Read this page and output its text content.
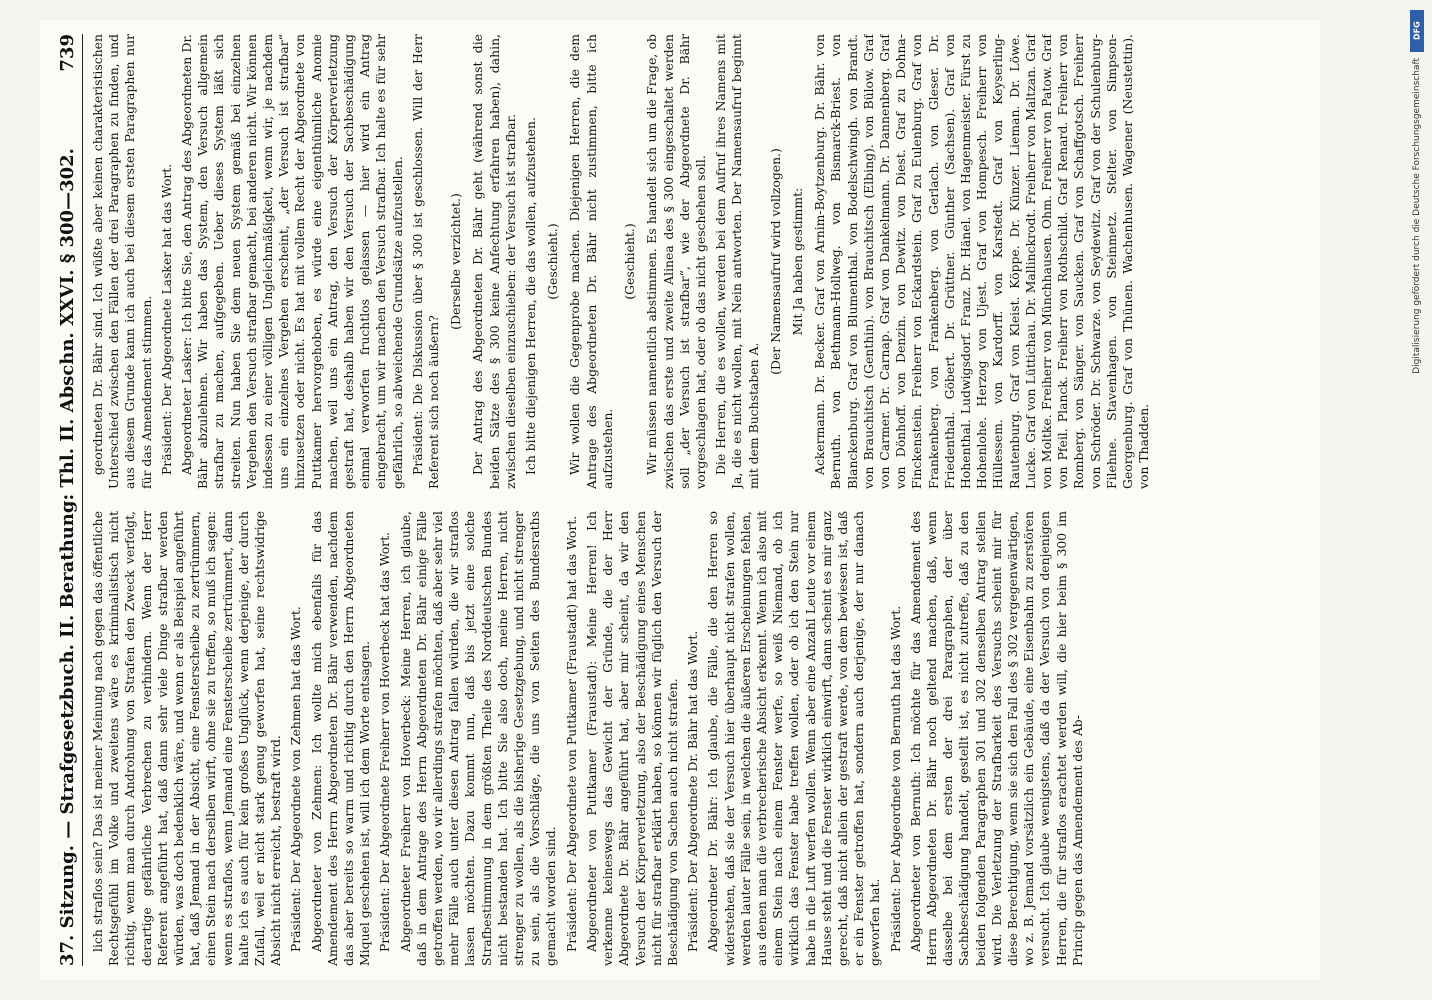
37. Sitzung. — Strafgesetzbuch. II. Berathung: Thl. II. Abschn. XXVI. § 300—302.
739

lich straflos sein? Das ist meiner Meinung nach gegen das öffentliche Rechtsgefühl im Volke und zweitens wäre es kriminalistisch nicht richtig, wenn man durch Androhung von Strafen den Zweck verfolgt, derartige gefährliche Verbrechen zu verhindern. Wenn der Herr Referent angeführt hat, daß dann sehr viele Dinge strafbar werden würden, was doch bedenklich wäre, und wenn er als Beispiel angeführt hat, daß Jemand in der Absicht, eine Fensterscheibe zu zertrümmern, einen Stein nach derselben wirft, ohne sie zu treffen, so muß ich sagen: wenn es straflos, wenn Jemand eine Fensterscheibe zertrümmert, dann halte ich es auch für kein großes Unglück, wenn derjenige, der durch Zufall, weil er nicht stark genug geworfen hat, seine rechtswidrige Absicht nicht erreicht, bestraft wird. Präsident: Der Abgeordnete von Zehmen hat das Wort. Abgeordneter von Zehmen: Ich wollte mich ebenfalls für das Amendement des Herrn Abgeordneten Dr. Bähr verwenden, nachdem das aber bereits so warm und richtig durch den Herrn Abgeordneten Miquel geschehen ist, will ich dem Worte entsagen. Präsident: Der Abgeordnete Freiherr von Hoverbeck hat das Wort. Abgeordneter Freiherr von Hoverbeck: Meine Herren, ich glaube, daß in dem Antrage des Herrn Abgeordneten Dr. Bähr einige Fälle getroffen werden, wo wir allerdings strafen möchten, daß aber sehr viel mehr Fälle auch unter diesen Antrag fallen würden, die wir straflos lassen möchten. Dazu kommt nun, daß bis jetzt eine solche Strafbestimmung in dem größten Theile des Norddeutschen Bundes nicht bestanden hat. Ich bitte Sie also doch, meine Herren, nicht strenger zu wollen, als die bisherige Gesetzgebung, und nicht strenger zu sein, als die Vorschläge, die uns von Seiten des Bundesraths gemacht worden sind. Präsident: Der Abgeordnete von Puttkamer (Fraustadt) hat das Wort. Abgeordneter von Puttkamer (Fraustadt): Meine Herren! Ich verkenne keineswegs das Gewicht der Gründe, die der Herr Abgeordnete Dr. Bähr angeführt hat, aber mir scheint, da wir den Versuch der Körperverletzung, also der Beschädigung eines Menschen nicht für strafbar erklärt haben, so können wir füglich den Versuch der Beschädigung von Sachen auch nicht strafen. Präsident: Der Abgeordnete Dr. Bähr hat das Wort. Abgeordneter Dr. Bähr: Ich glaube, die Fälle, die den Herren so widerstehen, daß sie der Versuch hier überhaupt nicht strafen wollen, werden lauter Fälle sein, in welchen die äußeren Erscheinungen fehlen, aus denen man die verbrecherische Absicht erkennt. Wenn ich also mit einem Stein nach einem Fenster werfe, so weiß Niemand, ob ich wirklich das Fenster habe treffen wollen, oder ob ich den Stein nur habe in die Luft werfen wollen. Wenn aber eine Anzahl Leute vor einem Hause steht und die Fenster wirklich einwirft, dann scheint es mir ganz gerecht, daß nicht allein der gestraft werde, von dem bewiesen ist, daß er ein Fenster getroffen hat, sondern auch derjenige, der nur danach geworfen hat. Präsident: Der Abgeordnete von Bernuth hat das Wort. Abgeordneter von Bernuth: Ich möchte für das Amendement des Herrn Abgeordneten Dr. Bähr noch geltend machen, daß, wenn dasselbe bei dem ersten der drei Paragraphen, der über Sachbeschädigung handelt, gestellt ist, es nicht zutreffe, daß zu den beiden folgenden Paragraphen 301 und 302 denselben Antrag stellen wird. Die Verletzung der Strafbarkeit des Versuchs scheint mir für diese Berechtigung, wenn sie sich den Fall des § 302 vergegenwärtigen, wo z. B. Jemand vorsätzlich ein Gebäude, eine Eisenbahn zu zerstören versucht. Ich glaube wenigstens, daß da der Versuch von denjenigen Herren, die für straflos erachtet werden will, die hier beim § 300 im Princip gegen das Amendement des Ab-

geordneten Dr. Bähr sind. Ich wüßte aber keinen charakteristischen Unterschied zwischen den Fällen der drei Paragraphen zu finden, und aus diesem Grunde kann ich auch bei diesem ersten Paragraphen nur für das Amendement stimmen. Präsident: Der Abgeordnete Lasker hat das Wort. Abgeordneter Lasker: Ich bitte Sie, den Antrag des Abgeordneten Dr. Bähr abzulehnen. Wir haben das System, den Versuch allgemein strafbar zu machen, aufgegeben. Ueber dieses System läßt sich streiten. Nun haben Sie dem neuen System gemäß bei einzelnen Vergehen den Versuch strafbar gemacht, bei anderen nicht. Wir können indessen zu einer völligen Ungleichmäßigkeit, wenn wir, je nachdem uns ein einzelnes Vergehen erscheint, „der Versuch ist strafbar“ hinzusetzen oder nicht. Es hat mit vollem Recht der Abgeordnete von Puttkamer hervorgehoben, es würde eine eigenthümliche Anomie machen, weil uns ein Antrag, den Versuch der Körperverletzung gestraft hat, deshalb haben wir den Versuch der Sachbeschädigung einmal verworfen fruchtlos gelassen — hier wird ein Antrag eingebracht, um wir machen den Versuch strafbar. Ich halte es für sehr gefährlich, so abweichende Grundsätze aufzustellen. Präsident: Die Diskussion über § 300 ist geschlossen. Will der Herr Referent sich noch äußern?

(Derselbe verzichtet.) Der Antrag des Abgeordneten Dr. Bähr geht (während sonst die beiden Sätze des § 300 keine Anfechtung erfahren haben), dahin, zwischen dieselben einzuschieben: der Versuch ist strafbar. Ich bitte diejenigen Herren, die das wollen, aufzustehen. (Geschieht.) Wir wollen die Gegenprobe machen. Diejenigen Herren, die dem Antrage des Abgeordneten Dr. Bähr nicht zustimmen, bitte ich aufzustehen.

(Geschieht.) Wir müssen namentlich abstimmen. Es handelt sich um die Frage, ob zwischen das erste und zweite Alinea des § 300 eingeschaltet werden soll „der Versuch ist strafbar“, wie der Abgeordnete Dr. Bähr vorgeschlagen hat, oder ob das nicht geschehen soll. Die Herren, die es wollen, werden bei dem Aufruf ihres Namens mit Ja, die es nicht wollen, mit Nein antworten. Der Namensaufruf beginnt mit dem Buchstaben A.

(Der Namensaufruf wird vollzogen.) Mit Ja haben gestimmt: Ackermann. Dr. Becker. Graf von Arnim-Boytzenburg. Dr. Bähr. von Bernuth. von Bethmann-Hollweg. von Bismarck-Briest. von Blanckenburg. Graf von Blumenthal. von Bodelschwingh. von Brandt. von Brauchitsch (Genthin). von Brauchitsch (Elbing). von Bülow. Graf von Carmer. Dr. Carnap. Graf von Dankelmann. Dr. Dannenberg. Graf von Dönhoff. von Denzin. von Dewitz. von Diest. Graf zu Dohna-Finckenstein. Freiherr von Eckardstein. Graf zu Eulenburg. Graf von Frankenberg. von Frankenberg. von Gerlach. von Gleser. Dr. Friedenthal. Göbert. Dr. Grüttner. Günther (Sachsen). Graf von Hohenthal. Ludwigsdorf. Franz. Dr. Hänel. von Hagenmeister. Fürst zu Hohenlohe. Herzog von Ujest. Graf von Hompesch. Freiherr von Hüllessem. von Kardorff. von Karstedt. Graf von Keyserling-Rautenburg. Graf von Kleist. Köppe. Dr. Künzer. Lieman. Dr. Löwe. Lucke. Graf von Lüttichau. Dr. Mallinckrodt. Freiherr von Maltzan. Graf von Moltke. Freiherr von Münchhausen. Ohm. Freiherr von Patow. Graf von Pfeil. Planck. Freiherr von Rothschild. Graf Renard. Freiherr von Romberg. von Sänger. von Saucken. Graf von Schaffgotsch. Freiherr von Schröder. Dr. Schwarze. von Seydewitz. Graf von der Schulenburg-Filehne. Stavenhagen. von Steinmetz. Stelter. von Simpson-Georgenburg. Graf von Thünen. Wachenhusen. Wagener (Neustettin). von Thadden.

DFG
Digitalisierung gefördert durch die Deutsche Forschungsgemeinschaft
